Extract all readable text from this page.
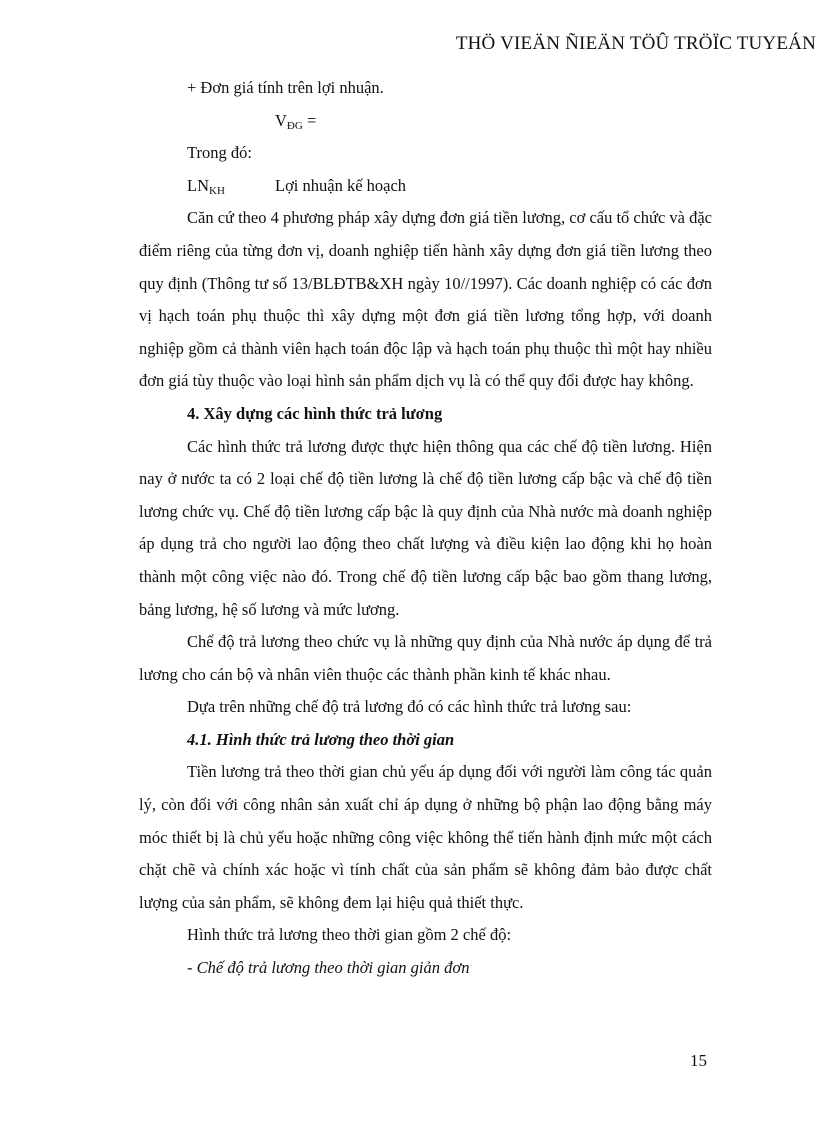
THÖ VIEÄN ÑIEÄN TÖÛ TRÖÏC TUYEÁN

+ Đơn giá tính trên lợi nhuận.

$V_{ĐG}$ =

Trong đó:

$LN_{KH}$	Lợi nhuận kế hoạch

Căn cứ theo 4 phương pháp xây dựng đơn giá tiền lương, cơ cấu tổ chức và đặc điểm riêng của từng đơn vị, doanh nghiệp tiến hành xây dựng đơn giá tiền lương theo quy định (Thông tư số 13/BLĐTB&XH ngày 10//1997). Các doanh nghiệp có các đơn vị hạch toán phụ thuộc thì xây dựng một đơn giá tiền lương tổng hợp, với doanh nghiệp gồm cả thành viên hạch toán độc lập và hạch toán phụ thuộc thì một hay nhiều đơn giá tùy thuộc vào loại hình sản phẩm dịch vụ là có thể quy đổi được hay không.

4. Xây dựng các hình thức trả lương

Các hình thức trả lương được thực hiện thông qua các chế độ tiền lương. Hiện nay ở nước ta có 2 loại chế độ tiền lương là chế độ tiền lương cấp bậc và chế độ tiền lương chức vụ. Chế độ tiền lương cấp bậc là quy định của Nhà nước mà doanh nghiệp áp dụng trả cho người lao động theo chất lượng và điều kiện lao động khi họ hoàn thành một công việc nào đó. Trong chế độ tiền lương cấp bậc bao gồm thang lương, bảng lương, hệ số lương và mức lương.

Chế độ trả lương theo chức vụ là những quy định của Nhà nước áp dụng để trả lương cho cán bộ và nhân viên thuộc các thành phần kinh tế khác nhau.

Dựa trên những chế độ trả lương đó có các hình thức trả lương sau:

4.1. Hình thức trả lương theo thời gian

Tiền lương trả theo thời gian chủ yếu áp dụng đối với người làm công tác quản lý, còn đối với công nhân sản xuất chỉ áp dụng ở những bộ phận lao động bằng máy móc thiết bị là chủ yếu hoặc những công việc không thể tiến hành định mức một cách chặt chẽ và chính xác hoặc vì tính chất của sản phẩm sẽ không đảm bảo được chất lượng của sản phẩm, sẽ không đem lại hiệu quả thiết thực.

Hình thức trả lương theo thời gian gồm 2 chế độ:

- Chế độ trả lương theo thời gian giản đơn

15
